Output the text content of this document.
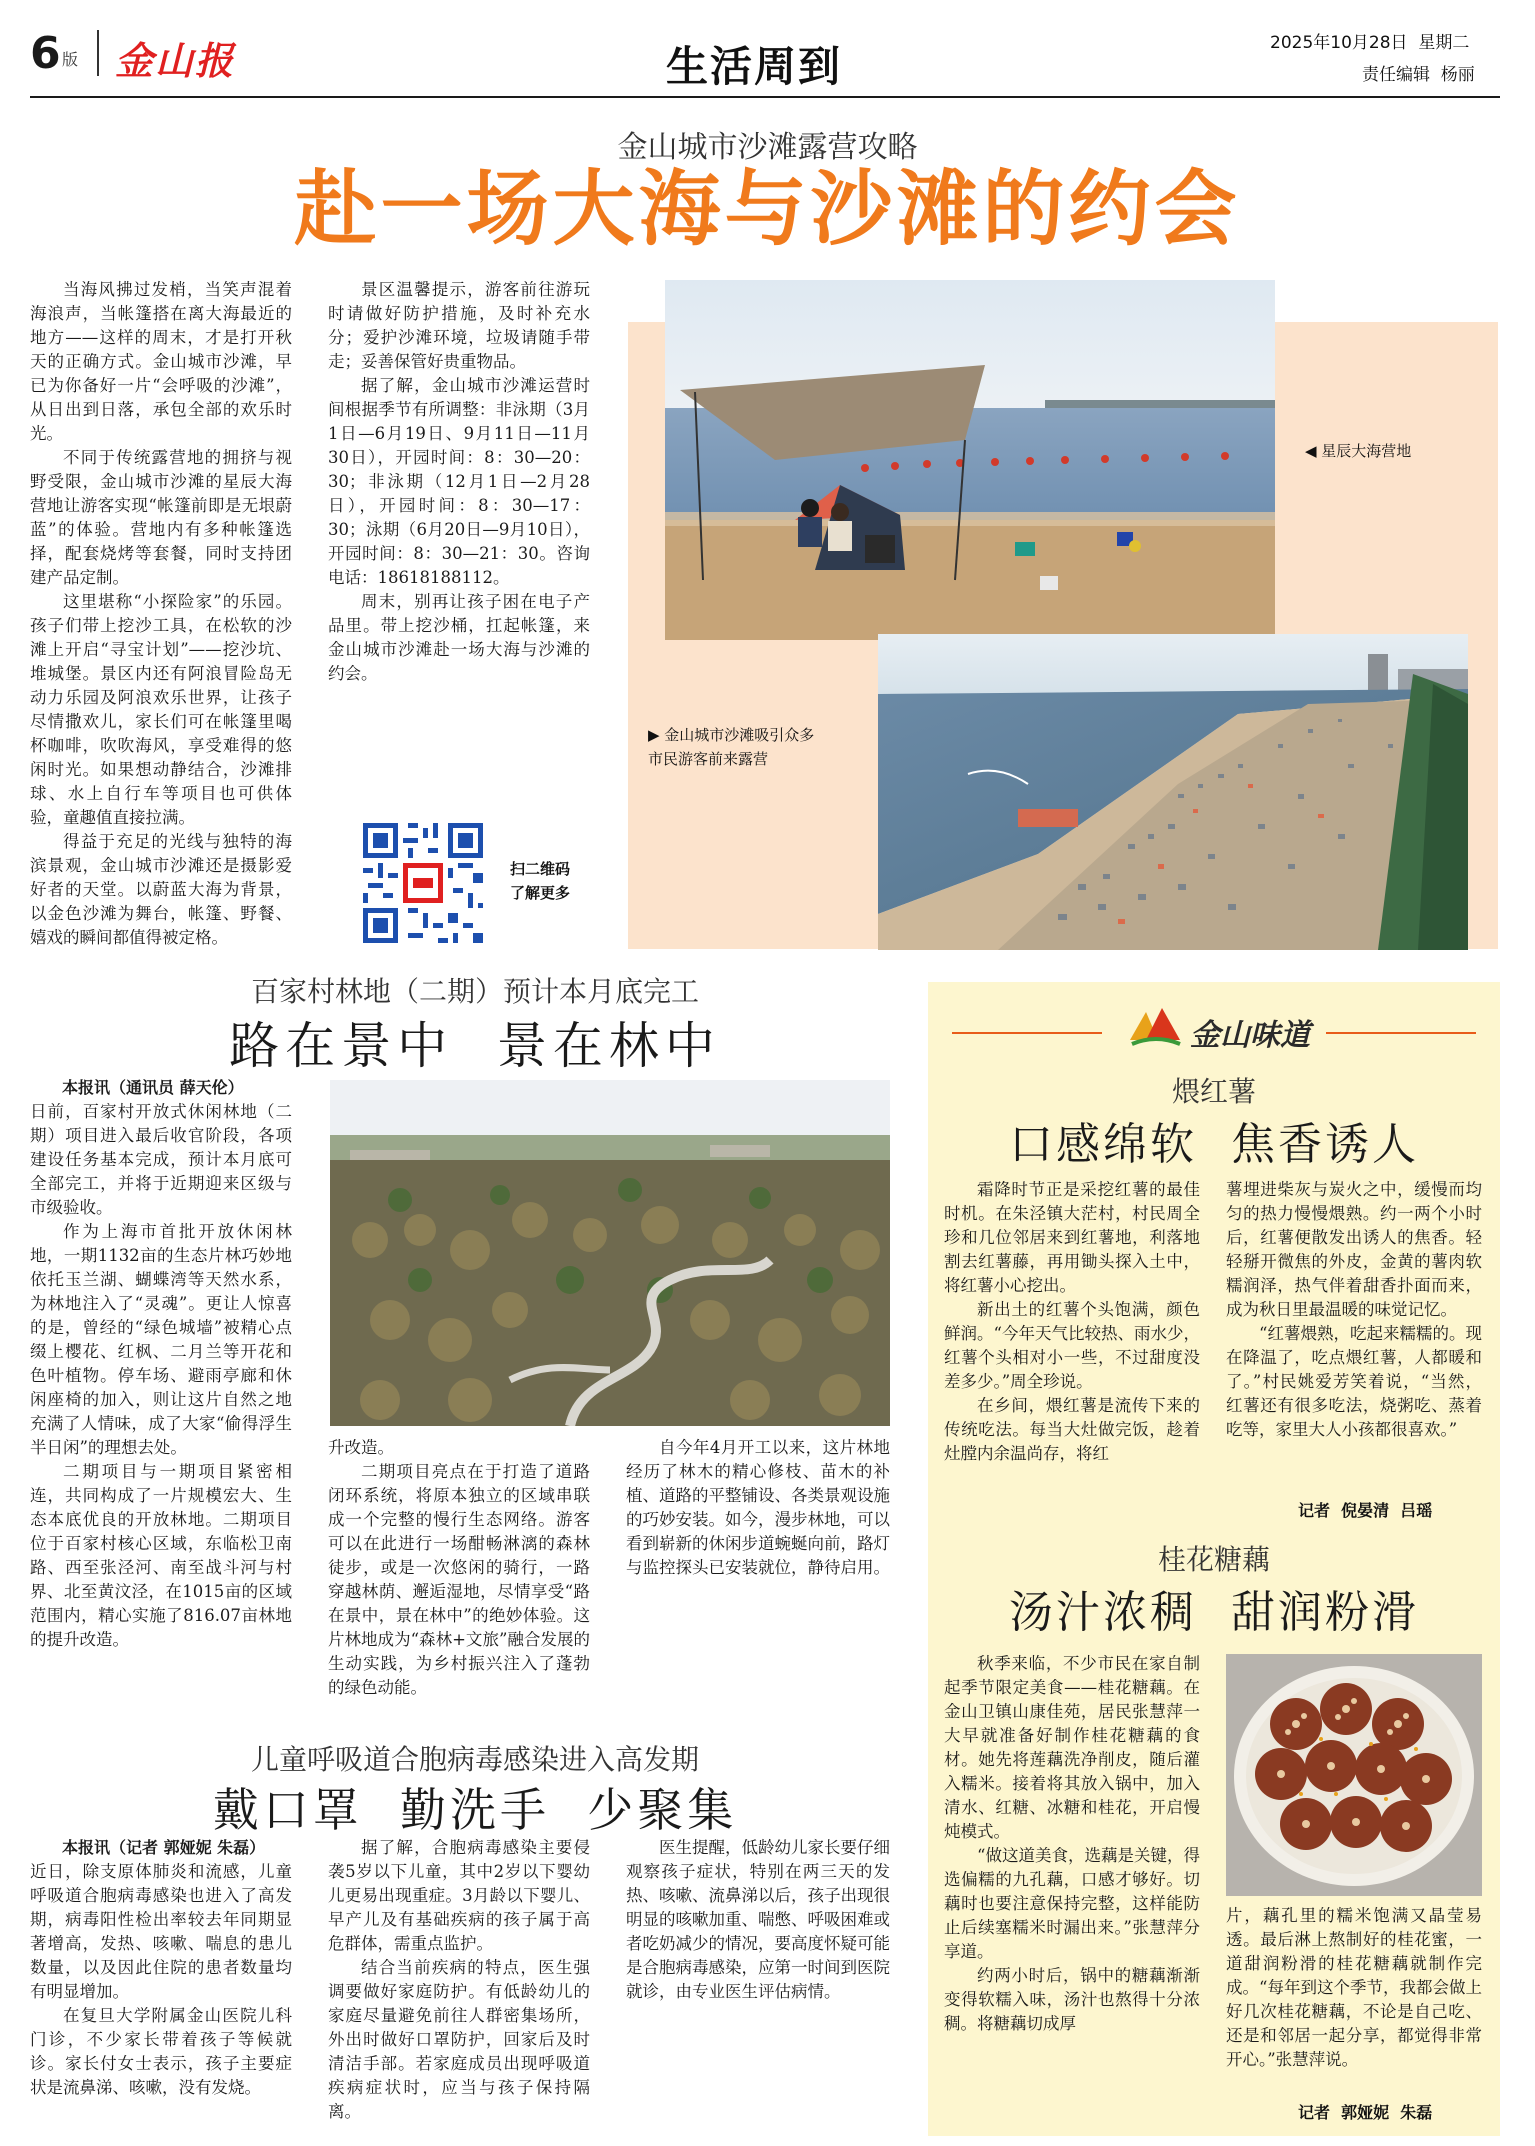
6 版 金山报	生活周到	2025年10月28日  星期二
责任编辑  杨丽
金山城市沙滩露营攻略
赴一场大海与沙滩的约会

当海风拂过发梢，当笑声混着海浪声，当帐篷搭在离大海最近的地方——这样的周末，才是打开秋天的正确方式。金山城市沙滩，早已为你备好一片“会呼吸的沙滩”，从日出到日落，承包全部的欢乐时光。

不同于传统露营地的拥挤与视野受限，金山城市沙滩的星辰大海营地让游客实现“帐篷前即是无垠蔚蓝”的体验。营地内有多种帐篷选择，配套烧烤等套餐，同时支持团建产品定制。

这里堪称“小探险家”的乐园。孩子们带上挖沙工具，在松软的沙滩上开启“寻宝计划”——挖沙坑、堆城堡。景区内还有阿浪冒险岛无动力乐园及阿浪欢乐世界，让孩子尽情撒欢儿，家长们可在帐篷里喝杯咖啡，吹吹海风，享受难得的悠闲时光。如果想动静结合，沙滩排球、水上自行车等项目也可供体验，童趣值直接拉满。

得益于充足的光线与独特的海滨景观，金山城市沙滩还是摄影爱好者的天堂。以蔚蓝大海为背景，以金色沙滩为舞台，帐篷、野餐、嬉戏的瞬间都值得被定格。

景区温馨提示，游客前往游玩时请做好防护措施，及时补充水分；爱护沙滩环境，垃圾请随手带走；妥善保管好贵重物品。

据了解，金山城市沙滩运营时间根据季节有所调整：非泳期（3月1日—6月19日、9月11日—11月30日），开园时间：8：30—20：30；非泳期（12月1日—2月28日），开园时间：8：30—17：30；泳期（6月20日—9月10日），开园时间：8：30—21：30。咨询电话：18618188112。

周末，别再让孩子困在电子产品里。带上挖沙桶，扛起帐篷，来金山城市沙滩赴一场大海与沙滩的约会。

扫二维码
了解更多
◀ 星辰大海营地
▶ 金山城市沙滩吸引众多
市民游客前来露营
百家村林地（二期）预计本月底完工
路在景中  景在林中

本报讯（通讯员 薛天伦）

日前，百家村开放式休闲林地（二期）项目进入最后收官阶段，各项建设任务基本完成，预计本月底可全部完工，并将于近期迎来区级与市级验收。

作为上海市首批开放休闲林地，一期1132亩的生态片林巧妙地依托玉兰湖、蝴蝶湾等天然水系，为林地注入了“灵魂”。更让人惊喜的是，曾经的“绿色城墙”被精心点缀上樱花、红枫、二月兰等开花和色叶植物。停车场、避雨亭廊和休闲座椅的加入，则让这片自然之地充满了人情味，成了大家“偷得浮生半日闲”的理想去处。

二期项目与一期项目紧密相连，共同构成了一片规模宏大、生态本底优良的开放林地。二期项目位于百家村核心区域，东临松卫南路、西至张泾河、南至战斗河与村界、北至黄汶泾，在1015亩的区域范围内，精心实施了816.07亩林地的提升改造。

升改造。

二期项目亮点在于打造了道路闭环系统，将原本独立的区域串联成一个完整的慢行生态网络。游客可以在此进行一场酣畅淋漓的森林徒步，或是一次悠闲的骑行，一路穿越林荫、邂逅湿地，尽情享受“路在景中，景在林中”的绝妙体验。这片林地成为“森林+文旅”融合发展的生动实践，为乡村振兴注入了蓬勃的绿色动能。

自今年4月开工以来，这片林地经历了林木的精心修枝、苗木的补植、道路的平整铺设、各类景观设施的巧妙安装。如今，漫步林地，可以看到崭新的休闲步道蜿蜒向前，路灯与监控探头已安装就位，静待启用。

儿童呼吸道合胞病毒感染进入高发期
戴口罩  勤洗手  少聚集

本报讯（记者 郭娅妮 朱磊）

近日，除支原体肺炎和流感，儿童呼吸道合胞病毒感染也进入了高发期，病毒阳性检出率较去年同期显著增高，发热、咳嗽、喘息的患儿数量，以及因此住院的患者数量均有明显增加。

在复旦大学附属金山医院儿科门诊，不少家长带着孩子等候就诊。家长付女士表示，孩子主要症状是流鼻涕、咳嗽，没有发烧。

据了解，合胞病毒感染主要侵袭5岁以下儿童，其中2岁以下婴幼儿更易出现重症。3月龄以下婴儿、早产儿及有基础疾病的孩子属于高危群体，需重点监护。

结合当前疾病的特点，医生强调要做好家庭防护。有低龄幼儿的家庭尽量避免前往人群密集场所，外出时做好口罩防护，回家后及时清洁手部。若家庭成员出现呼吸道疾病症状时，应当与孩子保持隔离。

医生提醒，低龄幼儿家长要仔细观察孩子症状，特别在两三天的发热、咳嗽、流鼻涕以后，孩子出现很明显的咳嗽加重、喘憋、呼吸困难或者吃奶减少的情况，要高度怀疑可能是合胞病毒感染，应第一时间到医院就诊，由专业医生评估病情。

金山味道
煨红薯
口感绵软  焦香诱人

霜降时节正是采挖红薯的最佳时机。在朱泾镇大茫村，村民周全珍和几位邻居来到红薯地，利落地割去红薯藤，再用锄头探入土中，将红薯小心挖出。

新出土的红薯个头饱满，颜色鲜润。“今年天气比较热、雨水少，红薯个头相对小一些，不过甜度没差多少。”周全珍说。

在乡间，煨红薯是流传下来的传统吃法。每当大灶做完饭，趁着灶膛内余温尚存，将红

薯埋进柴灰与炭火之中，缓慢而均匀的热力慢慢煨熟。约一两个小时后，红薯便散发出诱人的焦香。轻轻掰开微焦的外皮，金黄的薯肉软糯润泽，热气伴着甜香扑面而来，成为秋日里最温暖的味觉记忆。

“红薯煨熟，吃起来糯糯的。现在降温了，吃点煨红薯，人都暖和了。”村民姚爱芳笑着说，“当然，红薯还有很多吃法，烧粥吃、蒸着吃等，家里大人小孩都很喜欢。”

记者  倪晏清  吕瑶
桂花糖藕
汤汁浓稠  甜润粉滑

秋季来临，不少市民在家自制起季节限定美食——桂花糖藕。在金山卫镇山康佳苑，居民张慧萍一大早就准备好制作桂花糖藕的食材。她先将莲藕洗净削皮，随后灌入糯米。接着将其放入锅中，加入清水、红糖、冰糖和桂花，开启慢炖模式。

“做这道美食，选藕是关键，得选偏糯的九孔藕，口感才够好。切藕时也要注意保持完整，这样能防止后续塞糯米时漏出来。”张慧萍分享道。

约两小时后，锅中的糖藕渐渐变得软糯入味，汤汁也熬得十分浓稠。将糖藕切成厚

片，藕孔里的糯米饱满又晶莹易透。最后淋上熬制好的桂花蜜，一道甜润粉滑的桂花糖藕就制作完成。“每年到这个季节，我都会做上好几次桂花糖藕，不论是自己吃、还是和邻居一起分享，都觉得非常开心。”张慧萍说。

记者  郭娅妮  朱磊
